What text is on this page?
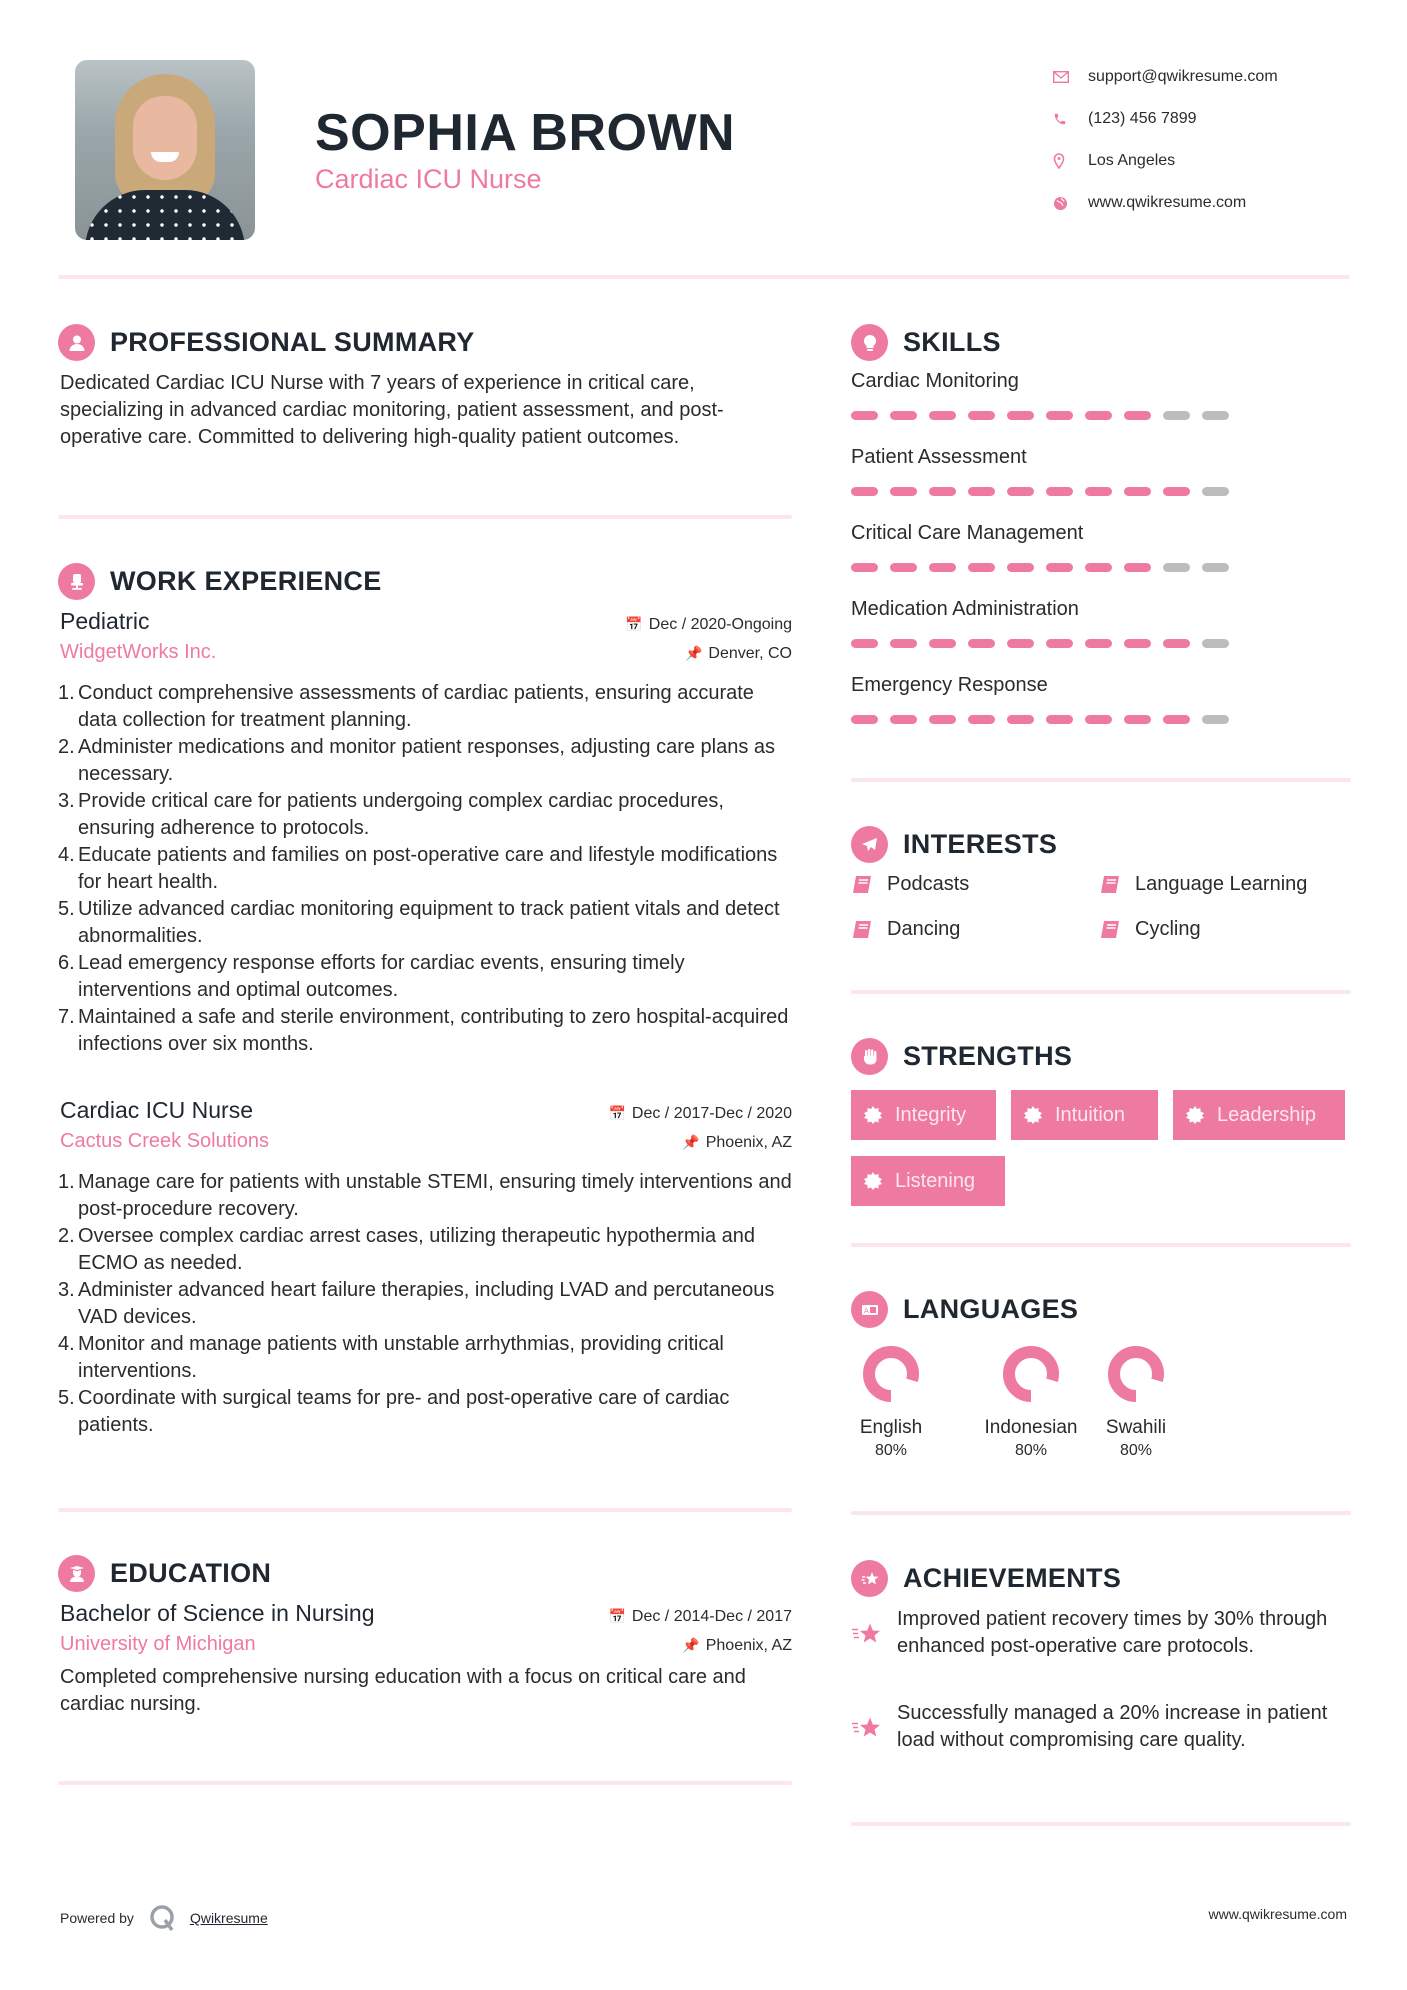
SOPHIA BROWN
Cardiac ICU Nurse
support@qwikresume.com
(123) 456 7899
Los Angeles
www.qwikresume.com
PROFESSIONAL SUMMARY

Dedicated Cardiac ICU Nurse with 7 years of experience in critical care, specializing in advanced cardiac monitoring, patient assessment, and post-operative care. Committed to delivering high-quality patient outcomes.

WORK EXPERIENCE
Pediatric	📅 Dec / 2020-Ongoing
WidgetWorks Inc.	📌 Denver, CO
1. Conduct comprehensive assessments of cardiac patients, ensuring accurate data collection for treatment planning.
2. Administer medications and monitor patient responses, adjusting care plans as necessary.
3. Provide critical care for patients undergoing complex cardiac procedures, ensuring adherence to protocols.
4. Educate patients and families on post-operative care and lifestyle modifications for heart health.
5. Utilize advanced cardiac monitoring equipment to track patient vitals and detect abnormalities.
6. Lead emergency response efforts for cardiac events, ensuring timely interventions and optimal outcomes.
7. Maintained a safe and sterile environment, contributing to zero hospital-acquired infections over six months.
Cardiac ICU Nurse	📅 Dec / 2017-Dec / 2020
Cactus Creek Solutions	📌 Phoenix, AZ
1. Manage care for patients with unstable STEMI, ensuring timely interventions and post-procedure recovery.
2. Oversee complex cardiac arrest cases, utilizing therapeutic hypothermia and ECMO as needed.
3. Administer advanced heart failure therapies, including LVAD and percutaneous VAD devices.
4. Monitor and manage patients with unstable arrhythmias, providing critical interventions.
5. Coordinate with surgical teams for pre- and post-operative care of cardiac patients.
EDUCATION
Bachelor of Science in Nursing	📅 Dec / 2014-Dec / 2017
University of Michigan	📌 Phoenix, AZ

Completed comprehensive nursing education with a focus on critical care and cardiac nursing.

SKILLS
Cardiac Monitoring
Patient Assessment
Critical Care Management
Medication Administration
Emergency Response
INTERESTS
Podcasts	Language Learning
Dancing	Cycling
STRENGTHS
Integrity	Intuition	Leadership
Listening
A LANGUAGES
English
80%
Indonesian
80%
Swahili
80%
ACHIEVEMENTS
Improved patient recovery times by 30% through enhanced post-operative care protocols.
Successfully managed a 20% increase in patient load without compromising care quality.
Powered by	Qwikresume	www.qwikresume.com
